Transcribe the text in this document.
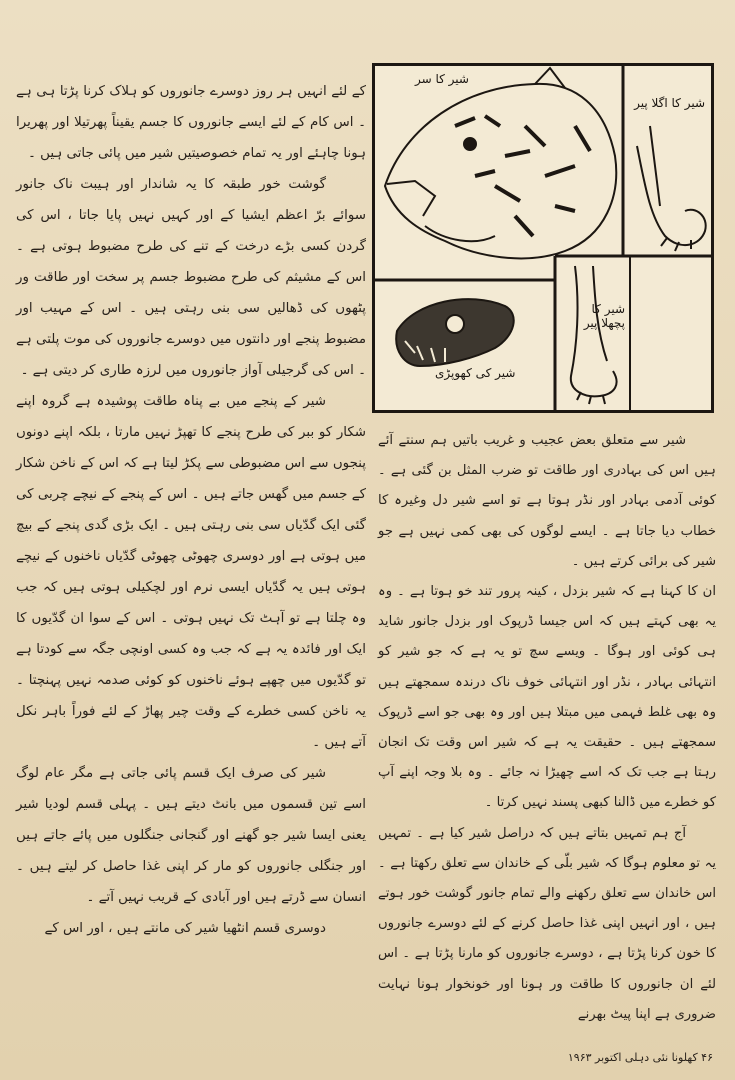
کے لئے انہیں ہر روز دوسرے جانوروں کو ہلاک کرنا پڑتا ہی ہے ۔ اس کام کے لئے ایسے جانوروں کا جسم یقیناً پھرتیلا اور پھریرا ہونا چاہئے اور یہ تمام خصوصیتیں شیر میں پائی جاتی ہیں ۔

گوشت خور طبقہ کا یہ شاندار اور ہیبت ناک جانور سوائے برّ اعظم ایشیا کے اور کہیں نہیں پایا جاتا ، اس کی گردن کسی بڑے درخت کے تنے کی طرح مضبوط ہوتی ہے ۔ اس کے مشیثم کی طرح مضبوط جسم پر سخت اور طاقت ور پٹھوں کی ڈھالیں سی بنی رہتی ہیں ۔ اس کے مہیب اور مضبوط پنجے اور دانتوں میں دوسرے جانوروں کی موت پلتی ہے ۔ اس کی گرجیلی آواز جانوروں میں لرزہ طاری کر دیتی ہے ۔

شیر کے پنجے میں بے پناہ طاقت پوشیدہ ہے گروہ اپنے شکار کو ببر کی طرح پنجے کا تھپڑ نہیں مارتا ، بلکہ اپنے دونوں پنجوں سے اس مضبوطی سے پکڑ لیتا ہے کہ اس کے ناخن شکار کے جسم میں گھس جاتے ہیں ۔ اس کے پنجے کے نیچے چربی کی گئی ایک گدّیاں سی بنی رہتی ہیں ۔ ایک بڑی گدی پنجے کے بیچ میں ہوتی ہے اور دوسری چھوٹی چھوٹی گدّیاں ناخنوں کے نیچے ہوتی ہیں یہ گدّیاں ایسی نرم اور لچکیلی ہوتی ہیں کہ جب وہ چلتا ہے تو آہٹ تک نہیں ہوتی ۔ اس کے سوا ان گدّیوں کا ایک اور فائدہ یہ ہے کہ جب وہ کسی اونچی جگہ سے کودتا ہے تو گدّیوں میں چھپے ہوئے ناخنوں کو کوئی صدمہ نہیں پہنچتا ۔ یہ ناخن کسی خطرے کے وقت چیر پھاڑ کے لئے فوراً باہر نکل آتے ہیں ۔

شیر کی صرف ایک قسم پائی جاتی ہے مگر عام لوگ اسے تین قسموں میں بانٹ دیتے ہیں ۔ پہلی قسم لودیا شیر یعنی ایسا شیر جو گھنے اور گنجانی جنگلوں میں پائے جاتے ہیں اور جنگلی جانوروں کو مار کر اپنی غذا حاصل کر لیتے ہیں ۔ انسان سے ڈرتے ہیں اور آبادی کے قریب نہیں آتے ۔

دوسری قسم انٹھیا شیر کی مانتے ہیں ، اور اس کے

شیر کا سر
شیر کا اگلا پیر
شیر کی کھوپڑی
شیر کا پچھلا پیر

شیر سے متعلق بعض عجیب و غریب باتیں ہم سنتے آئے ہیں اس کی بہادری اور طاقت تو ضرب المثل بن گئی ہے ۔ کوئی آدمی بہادر اور نڈر ہوتا ہے تو اسے شیر دل وغیرہ کا خطاب دیا جاتا ہے ۔ ایسے لوگوں کی بھی کمی نہیں ہے جو شیر کی برائی کرتے ہیں ۔

ان کا کہنا ہے کہ شیر بزدل ، کینہ پرور تند خو ہوتا ہے ۔ وہ یہ بھی کہتے ہیں کہ اس جیسا ڈرپوک اور بزدل جانور شاید ہی کوئی اور ہوگا ۔ ویسے سچ تو یہ ہے کہ جو شیر کو انتہائی بہادر ، نڈر اور انتہائی خوف ناک درندہ سمجھتے ہیں وہ بھی غلط فہمی میں مبتلا ہیں اور وہ بھی جو اسے ڈرپوک سمجھتے ہیں ۔ حقیقت یہ ہے کہ شیر اس وقت تک انجان رہتا ہے جب تک کہ اسے چھیڑا نہ جائے ۔ وہ بلا وجہ اپنے آپ کو خطرے میں ڈالنا کبھی پسند نہیں کرتا ۔

آج ہم تمہیں بتاتے ہیں کہ دراصل شیر کیا ہے ۔ تمہیں یہ تو معلوم ہوگا کہ شیر بلّی کے خاندان سے تعلق رکھتا ہے ۔ اس خاندان سے تعلق رکھنے والے تمام جانور گوشت خور ہوتے ہیں ، اور انہیں اپنی غذا حاصل کرنے کے لئے دوسرے جانوروں کا خون کرنا پڑتا ہے ، دوسرے جانوروں کو مارنا پڑتا ہے ۔ اس لئے ان جانوروں کا طاقت ور ہونا اور خونخوار ہونا نہایت ضروری ہے اپنا پیٹ بھرنے

۴۶ کھلونا نئی دہلی اکتوبر ۱۹۶۳
